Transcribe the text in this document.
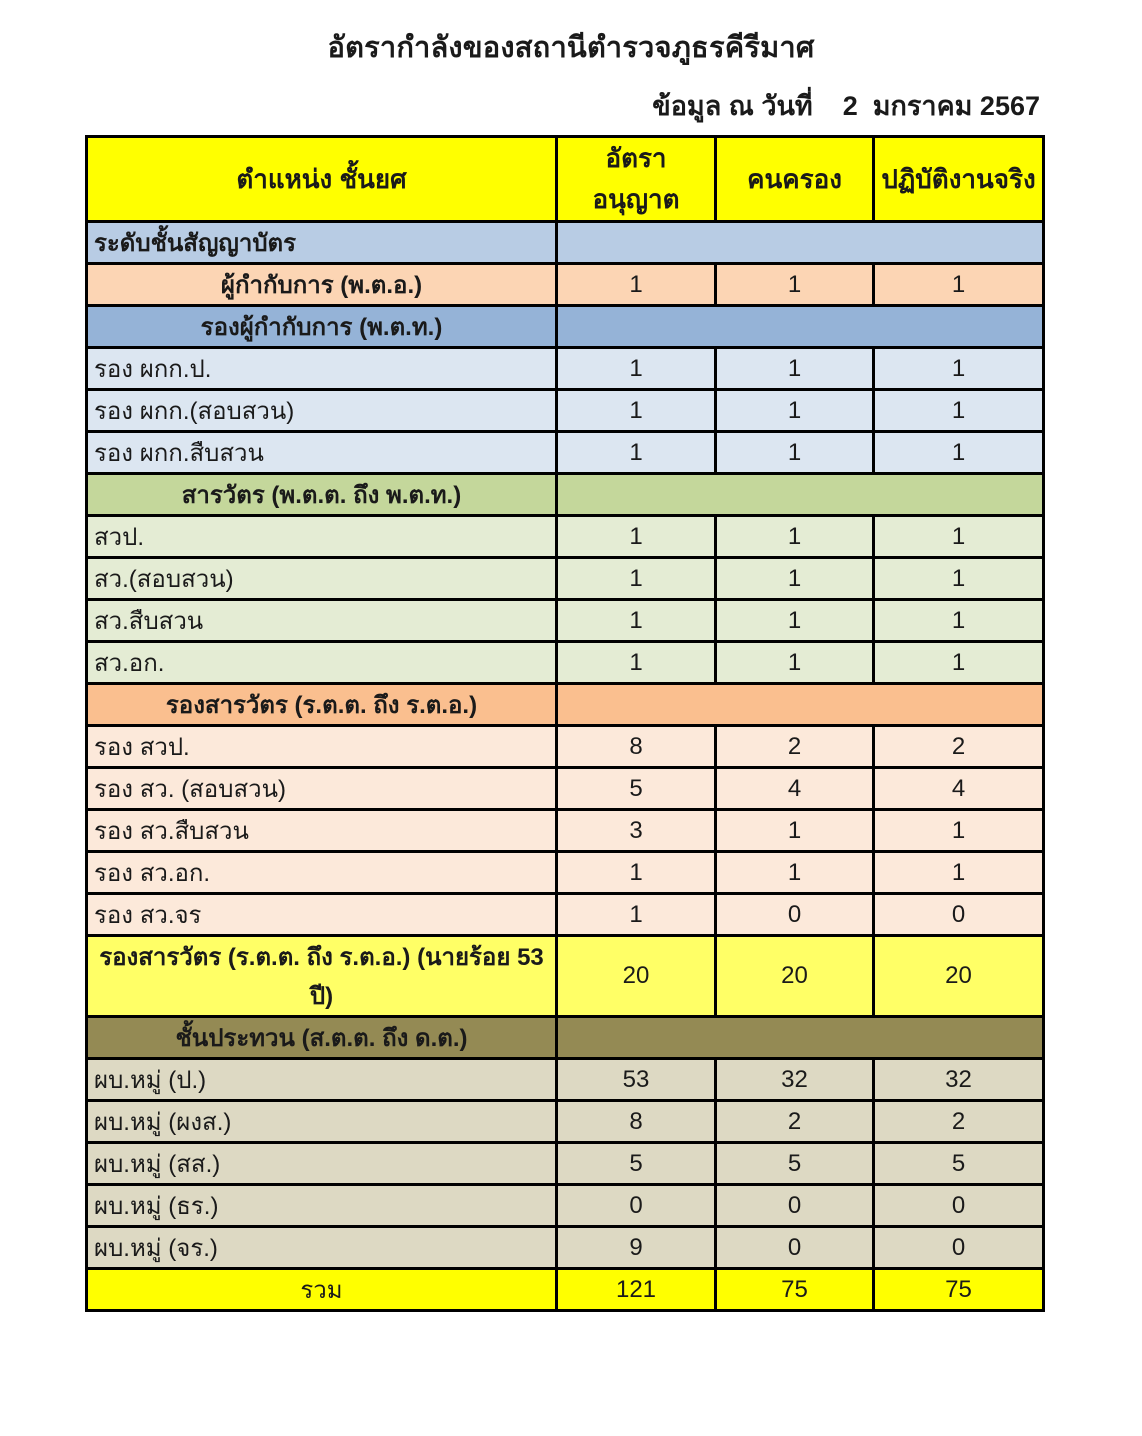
อัตรากำลังของสถานีตำรวจภูธรคีรีมาศ
ข้อมูล ณ วันที่    2  มกราคม 2567
ตำแหน่ง ชั้นยศ	อัตราอนุญาต	คนครอง	ปฏิบัติงานจริง
ระดับชั้นสัญญาบัตร			
ผู้กำกับการ (พ.ต.อ.)	1	1	1
รองผู้กำกับการ (พ.ต.ท.)			
รอง ผกก.ป.	1	1	1
รอง ผกก.(สอบสวน)	1	1	1
รอง ผกก.สืบสวน	1	1	1
สารวัตร (พ.ต.ต. ถึง พ.ต.ท.)			
สวป.	1	1	1
สว.(สอบสวน)	1	1	1
สว.สืบสวน	1	1	1
สว.อก.	1	1	1
รองสารวัตร (ร.ต.ต. ถึง ร.ต.อ.)			
รอง สวป.	8	2	2
รอง สว. (สอบสวน)	5	4	4
รอง สว.สืบสวน	3	1	1
รอง สว.อก.	1	1	1
รอง สว.จร	1	0	0
รองสารวัตร (ร.ต.ต. ถึง ร.ต.อ.) (นายร้อย 53 ปี)	20	20	20
ชั้นประทวน (ส.ต.ต. ถึง ด.ต.)			
ผบ.หมู่ (ป.)	53	32	32
ผบ.หมู่ (ผงส.)	8	2	2
ผบ.หมู่ (สส.)	5	5	5
ผบ.หมู่ (ธร.)	0	0	0
ผบ.หมู่ (จร.)	9	0	0
รวม	121	75	75
